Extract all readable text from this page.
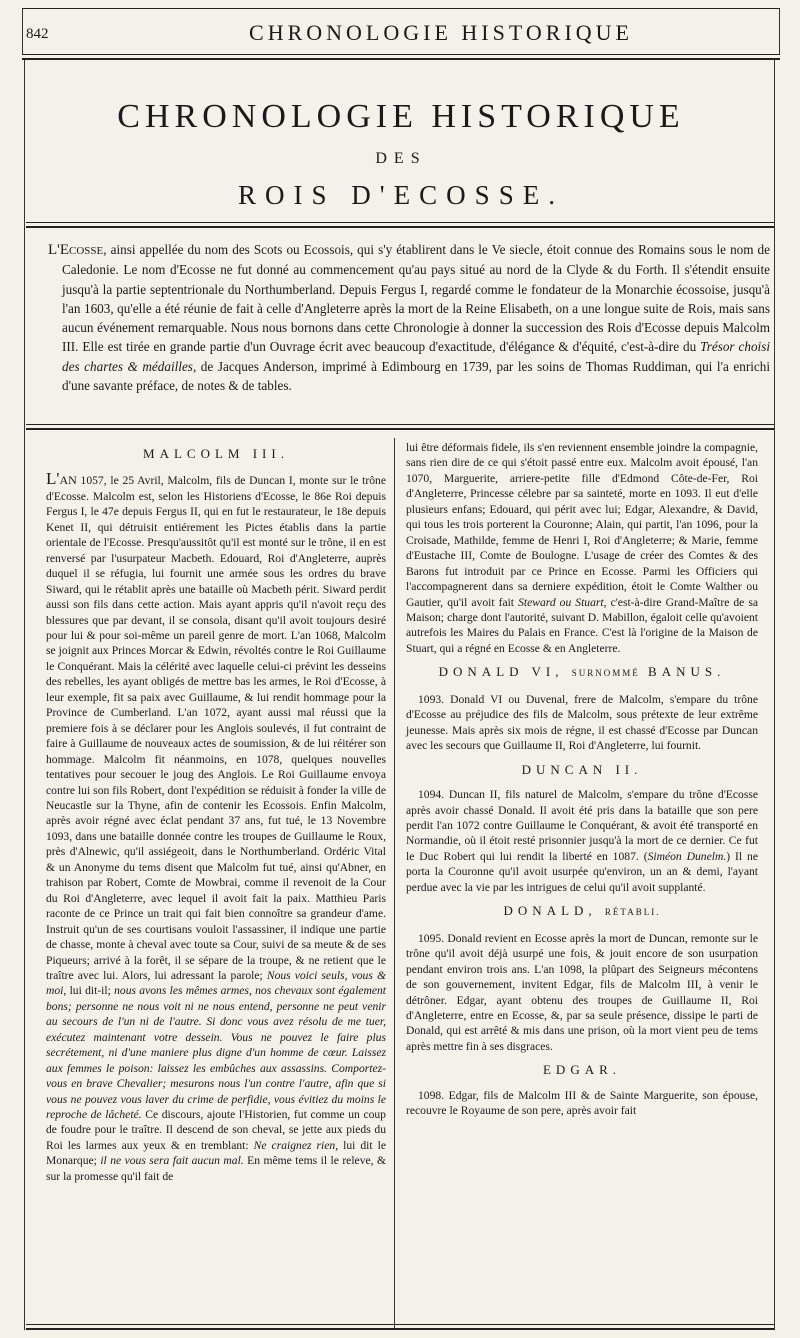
842	CHRONOLOGIE HISTORIQUE
CHRONOLOGIE HISTORIQUE
DES
ROIS D'ECOSSE.
L'Ecosse, ainsi appellée du nom des Scots ou Ecossois, qui s'y établirent dans le Ve siecle, étoit connue des Romains sous le nom de Caledonie. Le nom d'Ecosse ne fut donné au commencement qu'au pays situé au nord de la Clyde & du Forth. Il s'étendit ensuite jusqu'à la partie septentrionale du Northumberland. Depuis Fergus I, regardé comme le fondateur de la Monarchie écossoise, jusqu'à l'an 1603, qu'elle a été réunie de fait à celle d'Angleterre après la mort de la Reine Elisabeth, on a une longue suite de Rois, mais sans aucun événement remarquable. Nous nous bornons dans cette Chronologie à donner la succession des Rois d'Ecosse depuis Malcolm III. Elle est tirée en grande partie d'un Ouvrage écrit avec beaucoup d'exactitude, d'élégance & d'équité, c'est-à-dire du Trésor choisi des chartes & médailles, de Jacques Anderson, imprimé à Edimbourg en 1739, par les soins de Thomas Ruddiman, qui l'a enrichi d'une savante préface, de notes & de tables.
MALCOLM III.

L'an 1057, le 25 Avril, Malcolm, fils de Duncan I, monte sur le trône d'Ecosse. Malcolm est, selon les Historiens d'Ecosse, le 86e Roi depuis Fergus I, le 47e depuis Fergus II, qui en fut le restaurateur, le 18e depuis Kenet II, qui détruisit entiérement les Pictes établis dans la partie orientale de l'Ecosse. Presqu'aussitôt qu'il est monté sur le trône, il en est renversé par l'usurpateur Macbeth. Edouard, Roi d'Angleterre, auprès duquel il se réfugia, lui fournit une armée sous les ordres du brave Siward, qui le rétablit après une bataille où Macbeth périt. Siward perdit aussi son fils dans cette action. Mais ayant appris qu'il n'avoit reçu des blessures que par devant, il se consola, disant qu'il avoit toujours desiré pour lui & pour soi-même un pareil genre de mort. L'an 1068, Malcolm se joignit aux Princes Morcar & Edwin, révoltés contre le Roi Guillaume le Conquérant. Mais la célérité avec laquelle celui-ci prévint les desseins des rebelles, les ayant obligés de mettre bas les armes, le Roi d'Ecosse, à leur exemple, fit sa paix avec Guillaume, & lui rendit hommage pour la Province de Cumberland. L'an 1072, ayant aussi mal réussi que la premiere fois à se déclarer pour les Anglois soulevés, il fut contraint de faire à Guillaume de nouveaux actes de soumission, & de lui réitérer son hommage. Malcolm fit néanmoins, en 1078, quelques nouvelles tentatives pour secouer le joug des Anglois. Le Roi Guillaume envoya contre lui son fils Robert, dont l'expédition se réduisit à fonder la ville de Neucastle sur la Thyne, afin de contenir les Ecossois. Enfin Malcolm, après avoir régné avec éclat pendant 37 ans, fut tué, le 13 Novembre 1093, dans une bataille donnée contre les troupes de Guillaume le Roux, près d'Alnewic, qu'il assiégeoit, dans le Northumberland. Ordéric Vital & un Anonyme du tems disent que Malcolm fut tué, ainsi qu'Abner, en trahison par Robert, Comte de Mowbrai, comme il revenoit de la Cour du Roi d'Angleterre, avec lequel il avoit fait la paix. Matthieu Paris raconte de ce Prince un trait qui fait bien connoître sa grandeur d'ame. Instruit qu'un de ses courtisans vouloit l'assassiner, il indique une partie de chasse, monte à cheval avec toute sa Cour, suivi de sa meute & de ses Piqueurs; arrivé à la forêt, il se sépare de la troupe, & ne retient que le traître avec lui. Alors, lui adressant la parole; Nous voici seuls, vous & moi, lui dit-il; nous avons les mêmes armes, nos chevaux sont également bons; personne ne nous voit ni ne nous entend, personne ne peut venir au secours de l'un ni de l'autre. Si donc vous avez résolu de me tuer, exécutez maintenant votre dessein. Vous ne pouvez le faire plus secrétement, ni d'une maniere plus digne d'un homme de cœur. Laissez aux femmes le poison: laissez les embûches aux assassins. Comportez-vous en brave Chevalier; mesurons nous l'un contre l'autre, afin que si vous ne pouvez vous laver du crime de perfidie, vous évitiez du moins le reproche de lâcheté. Ce discours, ajoute l'Historien, fut comme un coup de foudre pour le traître. Il descend de son cheval, se jette aux pieds du Roi les larmes aux yeux & en tremblant: Ne craignez rien, lui dit le Monarque; il ne vous sera fait aucun mal. En même tems il le releve, & sur la promesse qu'il fait de

lui être déformais fidele, ils s'en reviennent ensemble joindre la compagnie, sans rien dire de ce qui s'étoit passé entre eux. Malcolm avoit épousé, l'an 1070, Marguerite, arriere-petite fille d'Edmond Côte-de-Fer, Roi d'Angleterre, Princesse célebre par sa sainteté, morte en 1093. Il eut d'elle plusieurs enfans; Edouard, qui périt avec lui; Edgar, Alexandre, & David, qui tous les trois porterent la Couronne; Alain, qui partit, l'an 1096, pour la Croisade, Mathilde, femme de Henri I, Roi d'Angleterre; & Marie, femme d'Eustache III, Comte de Boulogne. L'usage de créer des Comtes & des Barons fut introduit par ce Prince en Ecosse. Parmi les Officiers qui l'accompagnerent dans sa derniere expédition, étoit le Comte Walther ou Gautier, qu'il avoit fait Steward ou Stuart, c'est-à-dire Grand-Maître de sa Maison; charge dont l'autorité, suivant D. Mabillon, égaloit celle qu'avoient autrefois les Maires du Palais en France. C'est là l'origine de la Maison de Stuart, qui a régné en Ecosse & en Angleterre.

DONALD VI, SURNOMMÉ BANUS.

1093. Donald VI ou Duvenal, frere de Malcolm, s'empare du trône d'Ecosse au préjudice des fils de Malcolm, sous prétexte de leur extrême jeunesse. Mais après six mois de régne, il est chassé d'Ecosse par Duncan avec les secours que Guillaume II, Roi d'Angleterre, lui fournit.

DUNCAN II.

1094. Duncan II, fils naturel de Malcolm, s'empare du trône d'Ecosse après avoir chassé Donald. Il avoit été pris dans la bataille que son pere perdit l'an 1072 contre Guillaume le Conquérant, & avoit été transporté en Normandie, où il étoit resté prisonnier jusqu'à la mort de ce dernier. Ce fut le Duc Robert qui lui rendit la liberté en 1087. (Siméon Dunelm.) Il ne porta la Couronne qu'il avoit usurpée qu'environ, un an & demi, l'ayant perdue avec la vie par les intrigues de celui qu'il avoit supplanté.

DONALD, RÉTABLI.

1095. Donald revient en Ecosse après la mort de Duncan, remonte sur le trône qu'il avoit déjà usurpé une fois, & jouit encore de son usurpation pendant environ trois ans. L'an 1098, la plûpart des Seigneurs mécontens de son gouvernement, invitent Edgar, fils de Malcolm III, à venir le détrôner. Edgar, ayant obtenu des troupes de Guillaume II, Roi d'Angleterre, entre en Ecosse, &, par sa seule présence, dissipe le parti de Donald, qui est arrêté & mis dans une prison, où la mort vient peu de tems après mettre fin à ses disgraces.

EDGAR.

1098. Edgar, fils de Malcolm III & de Sainte Marguerite, son épouse, recouvre le Royaume de son pere, après avoir fait
